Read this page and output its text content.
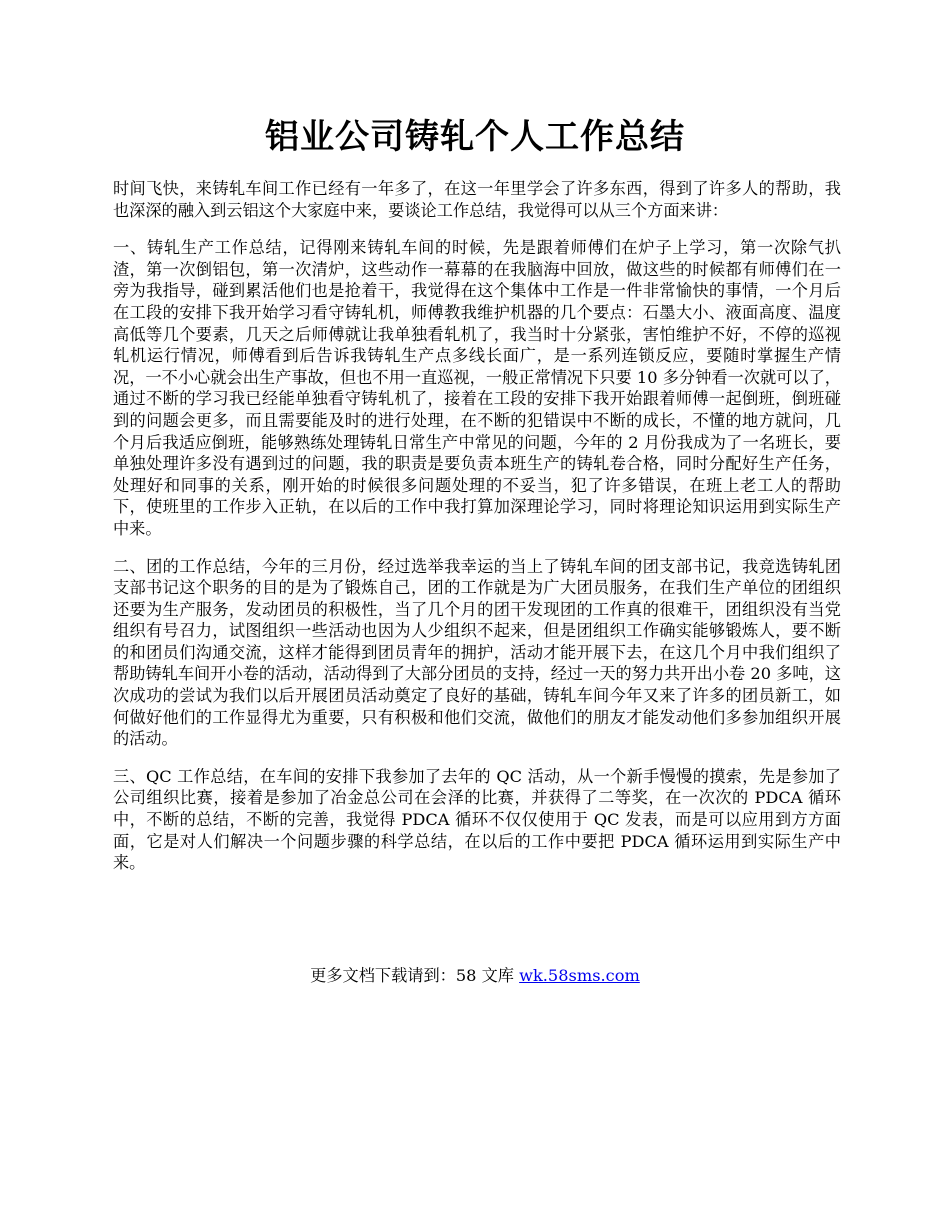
铝业公司铸轧个人工作总结

时间飞快，来铸轧车间工作已经有一年多了，在这一年里学会了许多东西，得到了许多人的帮助，我也深深的融入到云铝这个大家庭中来，要谈论工作总结，我觉得可以从三个方面来讲：

一、铸轧生产工作总结，记得刚来铸轧车间的时候，先是跟着师傅们在炉子上学习，第一次除气扒渣，第一次倒铝包，第一次清炉，这些动作一幕幕的在我脑海中回放，做这些的时候都有师傅们在一旁为我指导，碰到累活他们也是抢着干，我觉得在这个集体中工作是一件非常愉快的事情，一个月后在工段的安排下我开始学习看守铸轧机，师傅教我维护机器的几个要点：石墨大小、液面高度、温度高低等几个要素，几天之后师傅就让我单独看轧机了，我当时十分紧张，害怕维护不好，不停的巡视轧机运行情况，师傅看到后告诉我铸轧生产点多线长面广，是一系列连锁反应，要随时掌握生产情况，一不小心就会出生产事故，但也不用一直巡视，一般正常情况下只要 10 多分钟看一次就可以了，通过不断的学习我已经能单独看守铸轧机了，接着在工段的安排下我开始跟着师傅一起倒班，倒班碰到的问题会更多，而且需要能及时的进行处理，在不断的犯错误中不断的成长，不懂的地方就问，几个月后我适应倒班，能够熟练处理铸轧日常生产中常见的问题，今年的 2 月份我成为了一名班长，要单独处理许多没有遇到过的问题，我的职责是要负责本班生产的铸轧卷合格，同时分配好生产任务，处理好和同事的关系，刚开始的时候很多问题处理的不妥当，犯了许多错误，在班上老工人的帮助下，使班里的工作步入正轨，在以后的工作中我打算加深理论学习，同时将理论知识运用到实际生产中来。

二、团的工作总结，今年的三月份，经过选举我幸运的当上了铸轧车间的团支部书记，我竞选铸轧团支部书记这个职务的目的是为了锻炼自己，团的工作就是为广大团员服务，在我们生产单位的团组织还要为生产服务，发动团员的积极性，当了几个月的团干发现团的工作真的很难干，团组织没有当党组织有号召力，试图组织一些活动也因为人少组织不起来，但是团组织工作确实能够锻炼人，要不断的和团员们沟通交流，这样才能得到团员青年的拥护，活动才能开展下去，在这几个月中我们组织了帮助铸轧车间开小卷的活动，活动得到了大部分团员的支持，经过一天的努力共开出小卷 20 多吨，这次成功的尝试为我们以后开展团员活动奠定了良好的基础，铸轧车间今年又来了许多的团员新工，如何做好他们的工作显得尤为重要，只有积极和他们交流，做他们的朋友才能发动他们多参加组织开展的活动。

三、QC 工作总结，在车间的安排下我参加了去年的 QC 活动，从一个新手慢慢的摸索，先是参加了公司组织比赛，接着是参加了冶金总公司在会泽的比赛，并获得了二等奖，在一次次的 PDCA 循环中，不断的总结，不断的完善，我觉得 PDCA 循环不仅仅使用于 QC 发表，而是可以应用到方方面面，它是对人们解决一个问题步骤的科学总结，在以后的工作中要把 PDCA 循环运用到实际生产中来。

更多文档下载请到：58 文库 wk.58sms.com
